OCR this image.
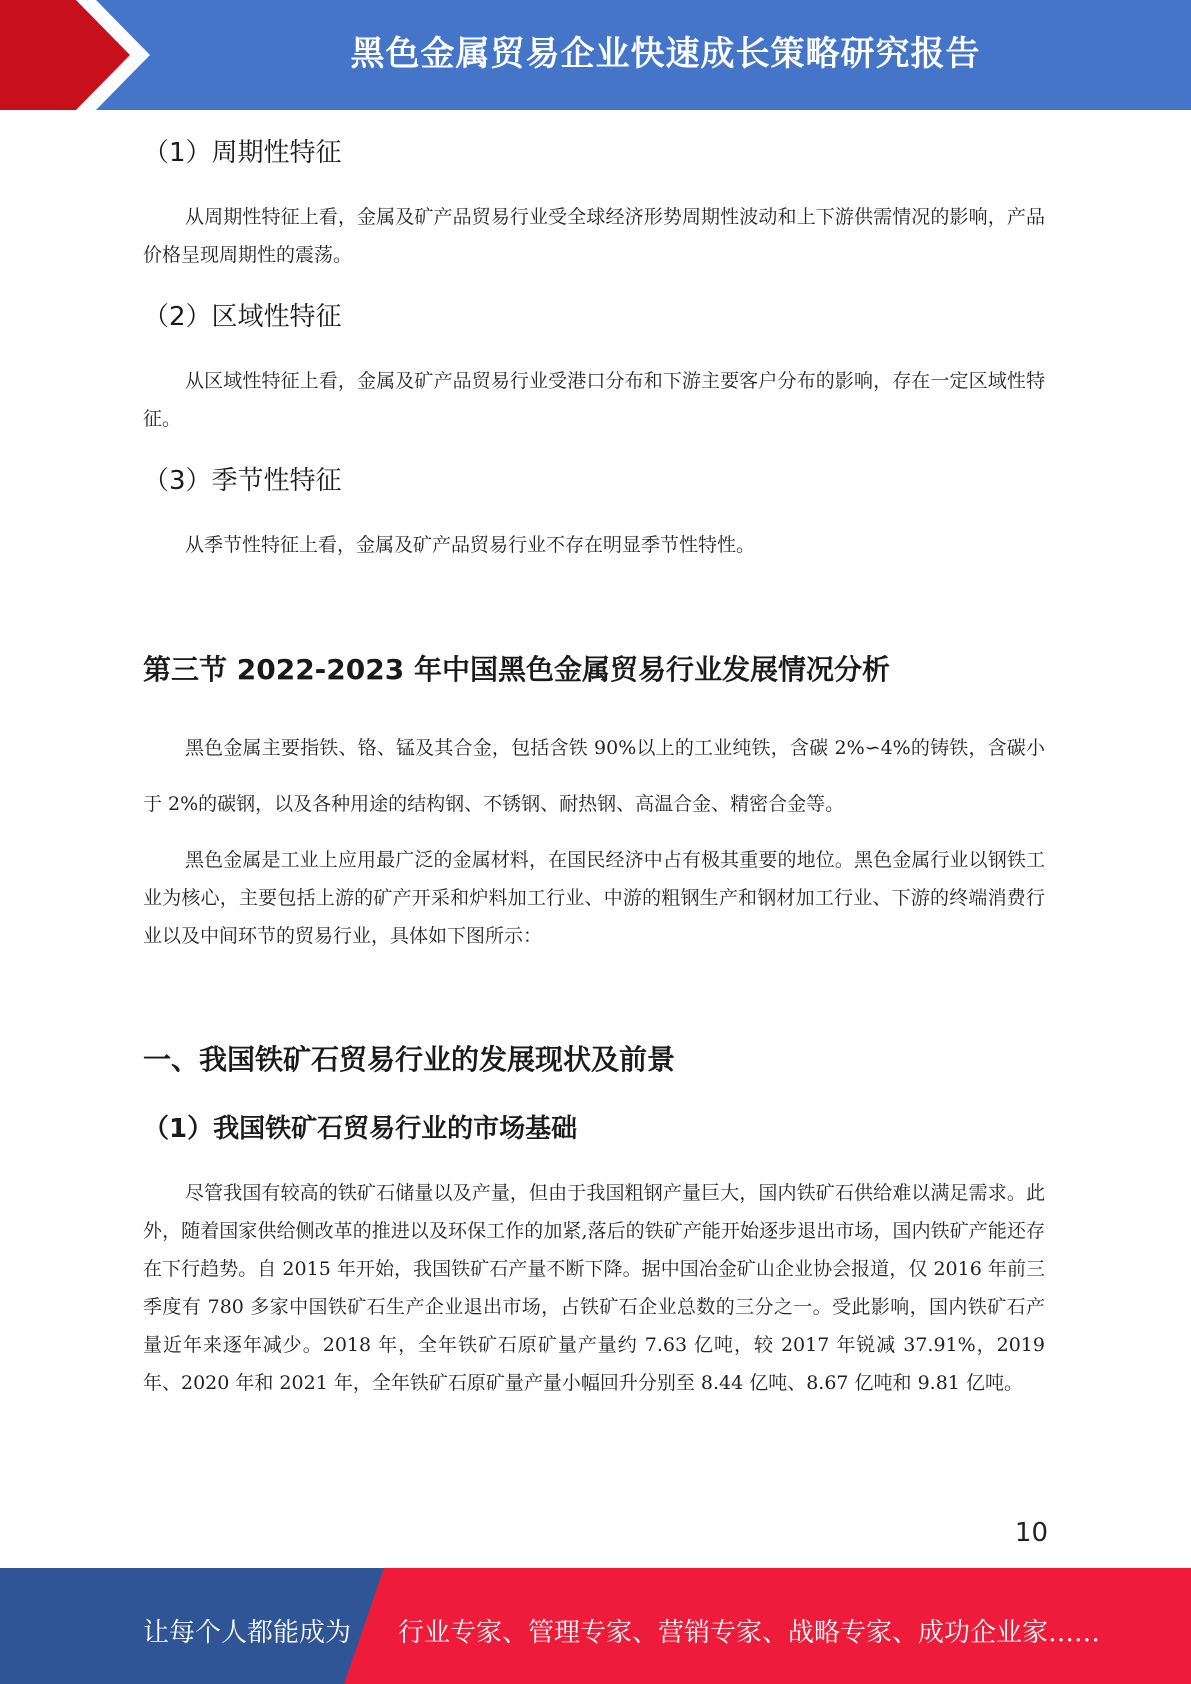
黑色金属贸易企业快速成长策略研究报告
（1）周期性特征

从周期性特征上看，金属及矿产品贸易行业受全球经济形势周期性波动和上下游供需情况的影响，产品价格呈现周期性的震荡。

（2）区域性特征

从区域性特征上看，金属及矿产品贸易行业受港口分布和下游主要客户分布的影响，存在一定区域性特征。

（3）季节性特征

从季节性特征上看，金属及矿产品贸易行业不存在明显季节性特性。

第三节 2022-2023 年中国黑色金属贸易行业发展情况分析

黑色金属主要指铁、铬、锰及其合金，包括含铁 90%以上的工业纯铁，含碳 2%∽4%的铸铁，含碳小于 2%的碳钢，以及各种用途的结构钢、不锈钢、耐热钢、高温合金、精密合金等。

黑色金属是工业上应用最广泛的金属材料，在国民经济中占有极其重要的地位。黑色金属行业以钢铁工业为核心，主要包括上游的矿产开采和炉料加工行业、中游的粗钢生产和钢材加工行业、下游的终端消费行业以及中间环节的贸易行业，具体如下图所示：

一、我国铁矿石贸易行业的发展现状及前景
（1）我国铁矿石贸易行业的市场基础

尽管我国有较高的铁矿石储量以及产量，但由于我国粗钢产量巨大，国内铁矿石供给难以满足需求。此外，随着国家供给侧改革的推进以及环保工作的加紧,落后的铁矿产能开始逐步退出市场，国内铁矿产能还存在下行趋势。自 2015 年开始，我国铁矿石产量不断下降。据中国冶金矿山企业协会报道，仅 2016 年前三季度有 780 多家中国铁矿石生产企业退出市场，占铁矿石企业总数的三分之一。受此影响，国内铁矿石产量近年来逐年减少。2018 年，全年铁矿石原矿量产量约 7.63 亿吨，较 2017 年锐减 37.91%，2019 年、2020 年和 2021 年，全年铁矿石原矿量产量小幅回升分别至 8.44 亿吨、8.67 亿吨和 9.81 亿吨。

10
让每个人都能成为 行业专家、管理专家、营销专家、战略专家、成功企业家……
